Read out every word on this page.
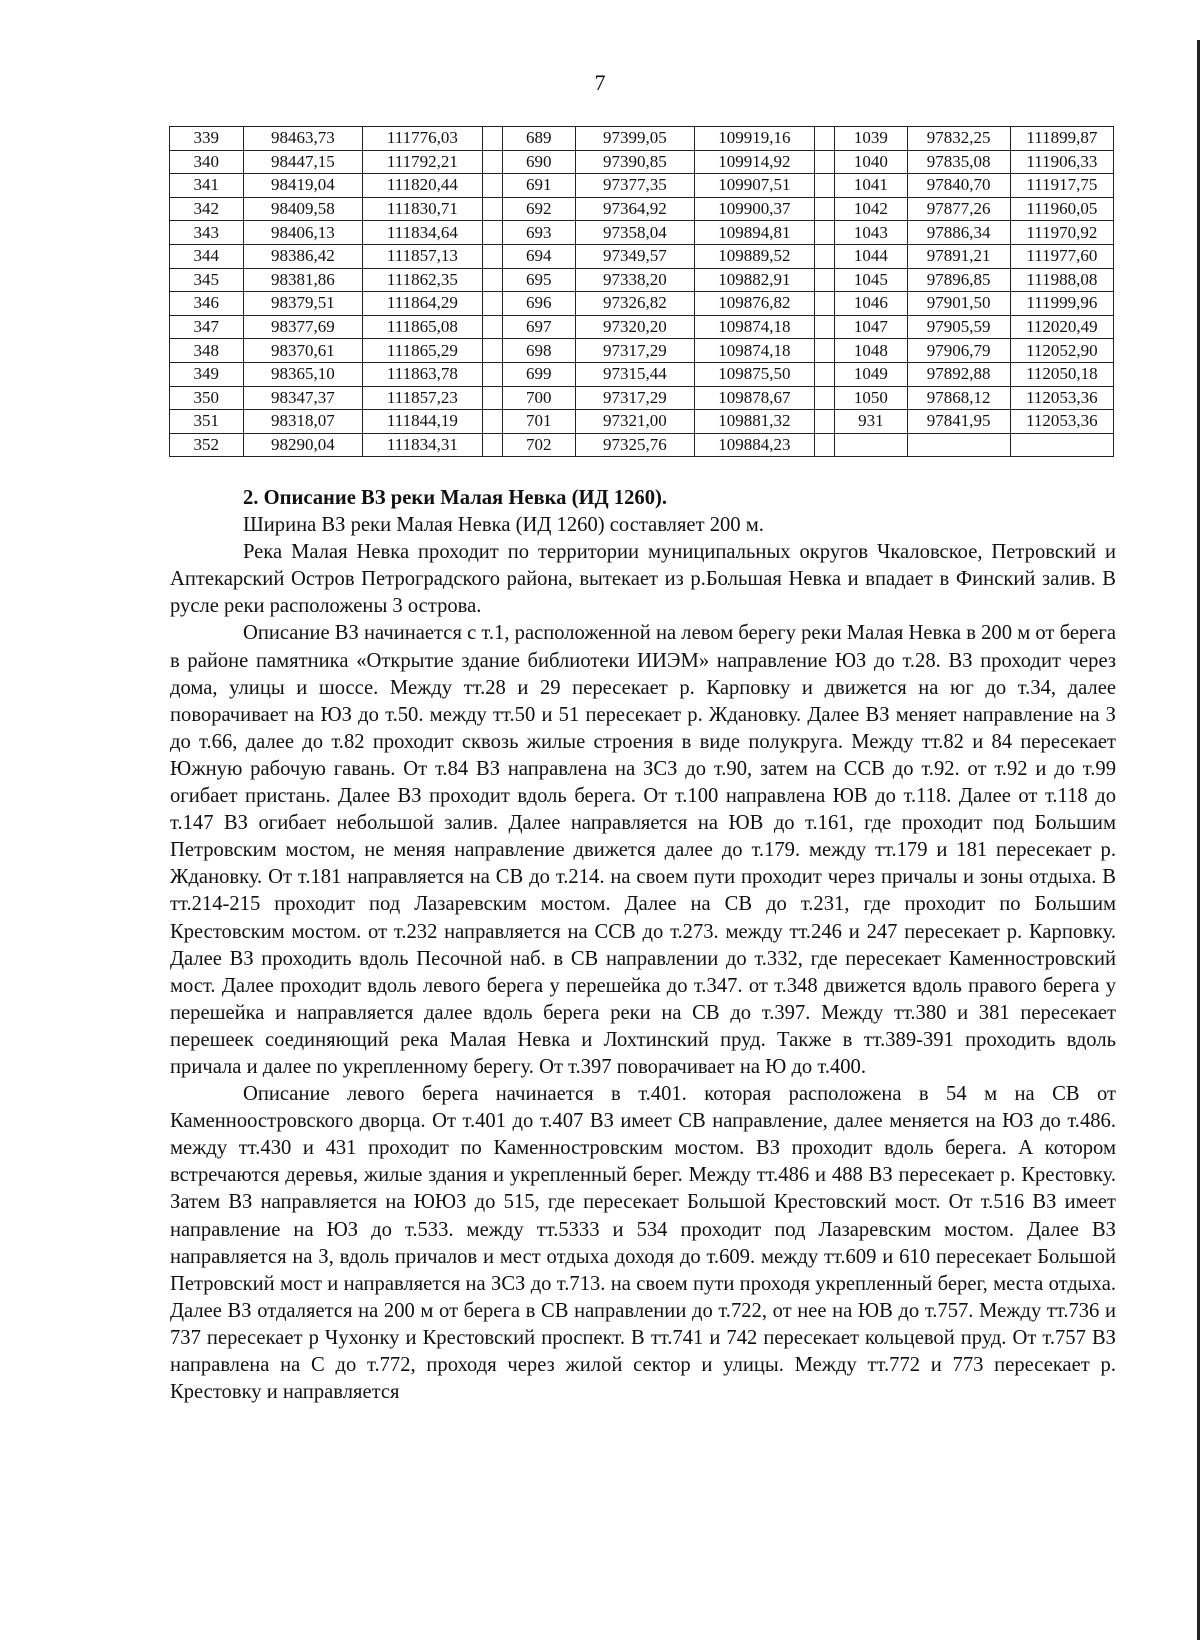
7
339	98463,73	111776,03		689	97399,05	109919,16		1039	97832,25	111899,87
340	98447,15	111792,21		690	97390,85	109914,92		1040	97835,08	111906,33
341	98419,04	111820,44		691	97377,35	109907,51		1041	97840,70	111917,75
342	98409,58	111830,71		692	97364,92	109900,37		1042	97877,26	111960,05
343	98406,13	111834,64		693	97358,04	109894,81		1043	97886,34	111970,92
344	98386,42	111857,13		694	97349,57	109889,52		1044	97891,21	111977,60
345	98381,86	111862,35		695	97338,20	109882,91		1045	97896,85	111988,08
346	98379,51	111864,29		696	97326,82	109876,82		1046	97901,50	111999,96
347	98377,69	111865,08		697	97320,20	109874,18		1047	97905,59	112020,49
348	98370,61	111865,29		698	97317,29	109874,18		1048	97906,79	112052,90
349	98365,10	111863,78		699	97315,44	109875,50		1049	97892,88	112050,18
350	98347,37	111857,23		700	97317,29	109878,67		1050	97868,12	112053,36
351	98318,07	111844,19		701	97321,00	109881,32		931	97841,95	112053,36
352	98290,04	111834,31		702	97325,76	109884,23				

2. Описание ВЗ реки Малая Невка (ИД 1260).

Ширина ВЗ реки Малая Невка (ИД 1260) составляет 200 м.

Река Малая Невка проходит по территории муниципальных округов Чкаловское, Петровский и Аптекарский Остров Петроградского района, вытекает из р.Большая Невка и впадает в Финский залив. В русле реки расположены 3 острова.

Описание ВЗ начинается с т.1, расположенной на левом берегу реки Малая Невка в 200 м от берега в районе памятника «Открытие здание библиотеки ИИЭМ» направление ЮЗ до т.28. ВЗ проходит через дома, улицы и шоссе. Между тт.28 и 29 пересекает р. Карповку и движется на юг до т.34, далее поворачивает на ЮЗ до т.50. между тт.50 и 51 пересекает р. Ждановку. Далее ВЗ меняет направление на З до т.66, далее до т.82 проходит сквозь жилые строения в виде полукруга. Между тт.82 и 84 пересекает Южную рабочую гавань. От т.84 ВЗ направлена на ЗСЗ до т.90, затем на ССВ до т.92. от т.92 и до т.99 огибает пристань. Далее ВЗ проходит вдоль берега. От т.100 направлена ЮВ до т.118. Далее от т.118 до т.147 ВЗ огибает небольшой залив. Далее направляется на ЮВ до т.161, где проходит под Большим Петровским мостом, не меняя направление движется далее до т.179. между тт.179 и 181 пересекает р. Ждановку. От т.181 направляется на СВ до т.214. на своем пути проходит через причалы и зоны отдыха. В тт.214-215 проходит под Лазаревским мостом. Далее на СВ до т.231, где проходит по Большим Крестовским мостом. от т.232 направляется на ССВ до т.273. между тт.246 и 247 пересекает р. Карповку. Далее ВЗ проходить вдоль Песочной наб. в СВ направлении до т.332, где пересекает Каменностровский мост. Далее проходит вдоль левого берега у перешейка до т.347. от т.348 движется вдоль правого берега у перешейка и направляется далее вдоль берега реки на СВ до т.397. Между тт.380 и 381 пересекает перешеек соединяющий река Малая Невка и Лохтинский пруд. Также в тт.389-391 проходить вдоль причала и далее по укрепленному берегу. От т.397 поворачивает на Ю до т.400.

Описание левого берега начинается в т.401. которая расположена в 54 м на СВ от Каменноостровского дворца. От т.401 до т.407 ВЗ имеет СВ направление, далее меняется на ЮЗ до т.486. между тт.430 и 431 проходит по Каменностровским мостом. ВЗ проходит вдоль берега. А котором встречаются деревья, жилые здания и укрепленный берег. Между тт.486 и 488 ВЗ пересекает р. Крестовку. Затем ВЗ направляется на ЮЮЗ до 515, где пересекает Большой Крестовский мост. От т.516 ВЗ имеет направление на ЮЗ до т.533. между тт.5333 и 534 проходит под Лазаревским мостом. Далее ВЗ направляется на З, вдоль причалов и мест отдыха доходя до т.609. между тт.609 и 610 пересекает Большой Петровский мост и направляется на ЗСЗ до т.713. на своем пути проходя укрепленный берег, места отдыха. Далее ВЗ отдаляется на 200 м от берега в СВ направлении до т.722, от нее на ЮВ до т.757. Между тт.736 и 737 пересекает р Чухонку и Крестовский проспект. В тт.741 и 742 пересекает кольцевой пруд. От т.757 ВЗ направлена на С до т.772, проходя через жилой сектор и улицы. Между тт.772 и 773 пересекает р. Крестовку и направляется
